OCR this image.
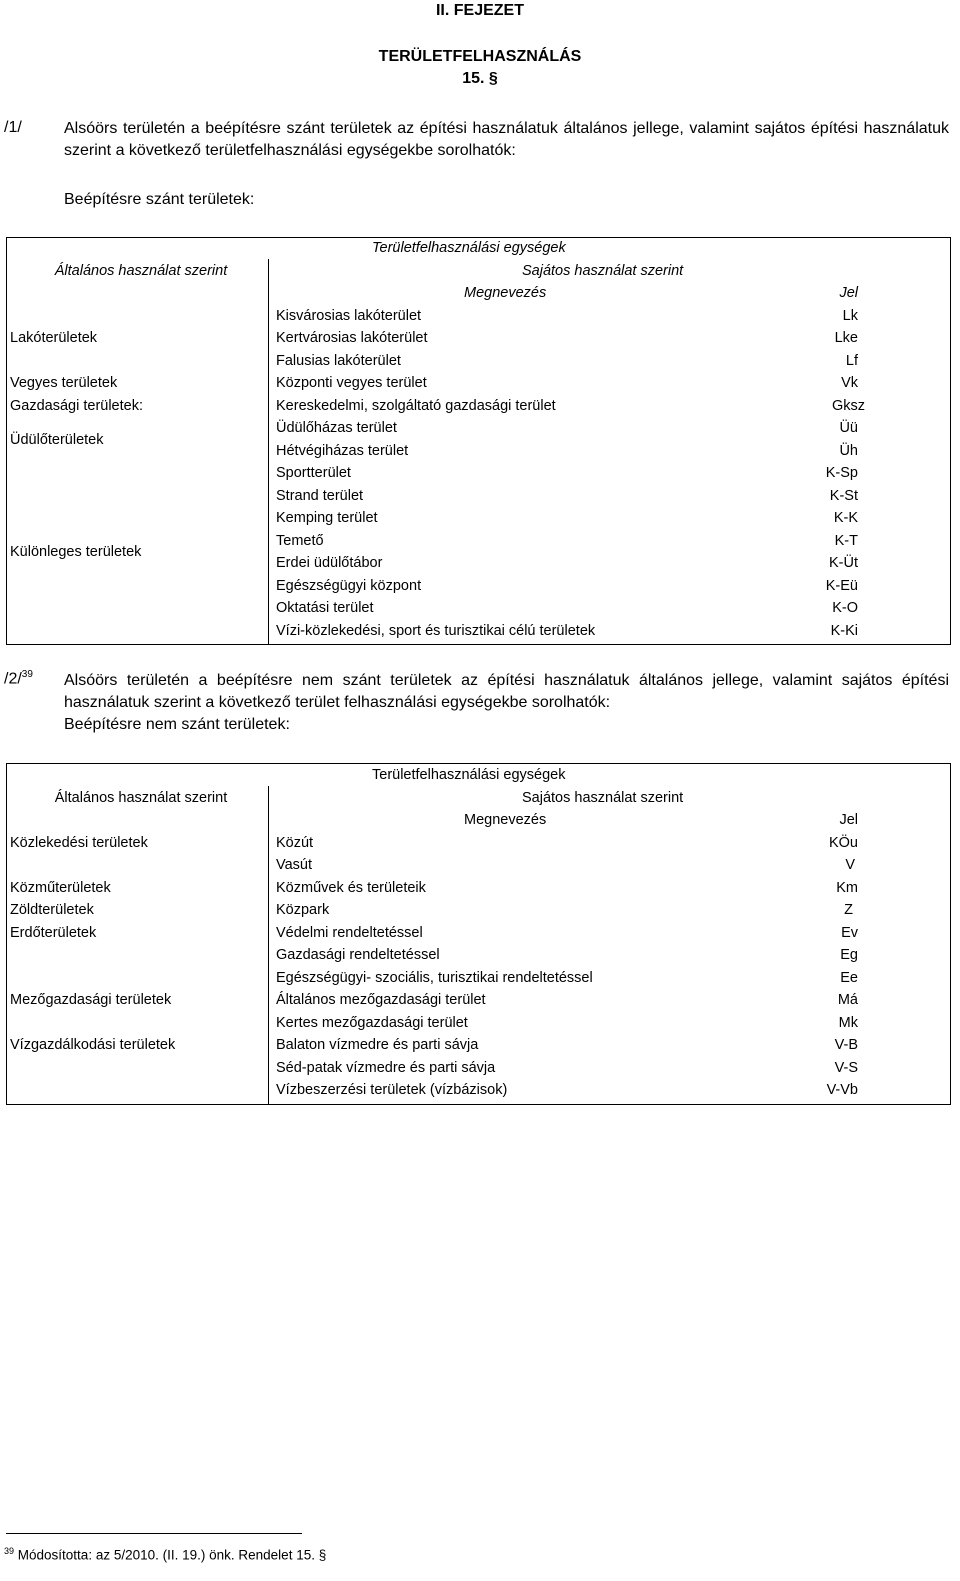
II. FEJEZET
TERÜLETFELHASZNÁLÁS
15. §
/1/	Alsóörs területén a beépítésre szánt területek az építési használatuk általános jellege, valamint sajátos építési használatuk szerint a következő területfelhasználási egységekbe sorolhatók:
Beépítésre szánt területek:
	Területfelhasználási egységek	
Általános használat szerint	Sajátos használat szerint	
	Megnevezés	Jel
Lakóterületek	Kisvárosias lakóterület	Lk
	Kertvárosias lakóterület	Lke
	Falusias lakóterület	Lf
Vegyes területek	Központi vegyes terület	Vk
Gazdasági területek:	Kereskedelmi, szolgáltató gazdasági terület	Gksz
Üdülőterületek	Üdülőházas terület	Üü
	Hétvégiházas terület	Üh
Különleges területek	Sportterület	K-Sp
	Strand terület	K-St
	Kemping terület	K-K
	Temető	K-T
	Erdei üdülőtábor	K-Üt
	Egészségügyi központ	K-Eü
	Oktatási terület	K-O
	Vízi-közlekedési, sport és turisztikai célú területek	K-Ki
/2/$^{39}$ Alsóörs területén a beépítésre nem szánt területek az építési használatuk általános jellege, valamint sajátos építési használatuk szerint a következő terület felhasználási egységekbe sorolhatók:
Beépítésre nem szánt területek:
	Területfelhasználási egységek	
Általános használat szerint	Sajátos használat szerint	
	Megnevezés	Jel
Közlekedési területek	Közút	KÖu
	Vasút	V
Közműterületek	Közművek és területeik	Km
Zöldterületek	Közpark	Z
Erdőterületek	Védelmi rendeltetéssel	Ev
	Gazdasági rendeltetéssel	Eg
	Egészségügyi- szociális, turisztikai rendeltetéssel	Ee
Mezőgazdasági területek	Általános mezőgazdasági terület	Má
	Kertes mezőgazdasági terület	Mk
Vízgazdálkodási területek	Balaton vízmedre és parti sávja	V-B
	Séd-patak vízmedre és parti sávja	V-S
	Vízbeszerzési területek (vízbázisok)	V-Vb
$^{39}$ Módosította: az 5/2010. (II. 19.) önk. Rendelet 15. §
